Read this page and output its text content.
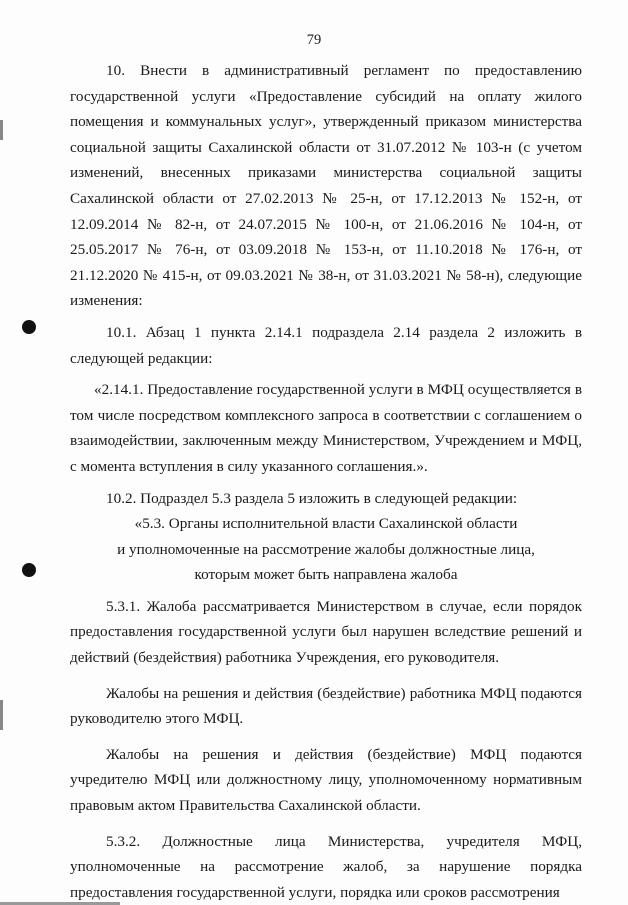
79

10. Внести в административный регламент по предоставлению государственной услуги «Предоставление субсидий на оплату жилого помещения и коммунальных услуг», утвержденный приказом министерства социальной защиты Сахалинской области от 31.07.2012 № 103-н (с учетом изменений, внесенных приказами министерства социальной защиты Сахалинской области от 27.02.2013 № 25-н, от 17.12.2013 № 152-н, от 12.09.2014 № 82-н, от 24.07.2015 № 100-н, от 21.06.2016 № 104-н, от 25.05.2017 № 76-н, от 03.09.2018 № 153-н, от 11.10.2018 № 176-н, от 21.12.2020 № 415-н, от 09.03.2021 № 38-н, от 31.03.2021 № 58-н), следующие изменения:

10.1. Абзац 1 пункта 2.14.1 подраздела 2.14 раздела 2 изложить в следующей редакции:

«2.14.1. Предоставление государственной услуги в МФЦ осуществляется в том числе посредством комплексного запроса в соответствии с соглашением о взаимодействии, заключенным между Министерством, Учреждением и МФЦ, с момента вступления в силу указанного соглашения.».

10.2. Подраздел 5.3 раздела 5 изложить в следующей редакции:

«5.3. Органы исполнительной власти Сахалинской области

и уполномоченные на рассмотрение жалобы должностные лица,

которым может быть направлена жалоба

5.3.1. Жалоба рассматривается Министерством в случае, если порядок предоставления государственной услуги был нарушен вследствие решений и действий (бездействия) работника Учреждения, его руководителя.

Жалобы на решения и действия (бездействие) работника МФЦ подаются руководителю этого МФЦ.

Жалобы на решения и действия (бездействие) МФЦ подаются учредителю МФЦ или должностному лицу, уполномоченному нормативным правовым актом Правительства Сахалинской области.

5.3.2. Должностные лица Министерства, учредителя МФЦ, уполномоченные на рассмотрение жалоб, за нарушение порядка предоставления государственной услуги, порядка или сроков рассмотрения
